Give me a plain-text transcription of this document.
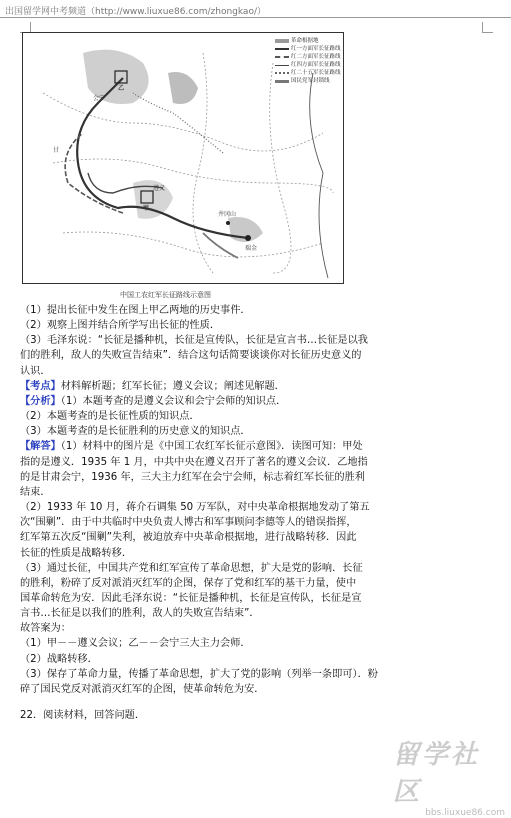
出国留学网中考频道（http://www.liuxue86.com/zhongkao/）
革命根据地
红一方面军长征路线
红二方面军长征路线
红四方面军长征路线
红二十五军长征路线
国民党军封锁线
甘
甲
乙
瑞金
井冈山
遵义
会宁
中国工农红军长征路线示意图
（1）提出长征中发生在图上甲乙两地的历史事件．
（2）观察上图并结合所学写出长征的性质．
（3）毛泽东说：“长征是播种机，长征是宣传队，长征是宣言书…长征是以我
们的胜利，敌人的失败宣告结束”．结合这句话简要谈谈你对长征历史意义的
认识．
【考点】材料解析题；红军长征；遵义会议；阐述见解题．
【分析】（1）本题考查的是遵义会议和会宁会师的知识点．
（2）本题考查的是长征性质的知识点．
（3）本题考查的是长征胜利的历史意义的知识点．
【解答】（1）材料中的图片是《中国工农红军长征示意图》．读图可知：甲处
指的是遵义．1935 年 1 月，中共中央在遵义召开了著名的遵义会议．乙地指
的是甘肃会宁，1936 年，三大主力红军在会宁会师，标志着红军长征的胜利
结束．
（2）1933 年 10 月，蒋介石调集 50 万军队，对中央革命根据地发动了第五
次“围剿”．由于中共临时中央负责人博古和军事顾问李德等人的错误指挥，
红军第五次反“围剿”失利，被迫放弃中央革命根据地，进行战略转移．因此
长征的性质是战略转移．
（3）通过长征，中国共产党和红军宣传了革命思想，扩大是党的影响．长征
的胜利，粉碎了反对派消灭红军的企图，保存了党和红军的基干力量，使中
国革命转危为安．因此毛泽东说：“长征是播种机，长征是宣传队，长征是宣
言书…长征是以我们的胜利，敌人的失败宣告结束”．
故答案为：
（1）甲－－遵义会议；乙－－会宁三大主力会师．
（2）战略转移．
（3）保存了革命力量，传播了革命思想，扩大了党的影响（列举一条即可）．粉
碎了国民党反对派消灭红军的企图，使革命转危为安．
22．阅读材料，回答问题．
留学社区
bbs.liuxue86.com
